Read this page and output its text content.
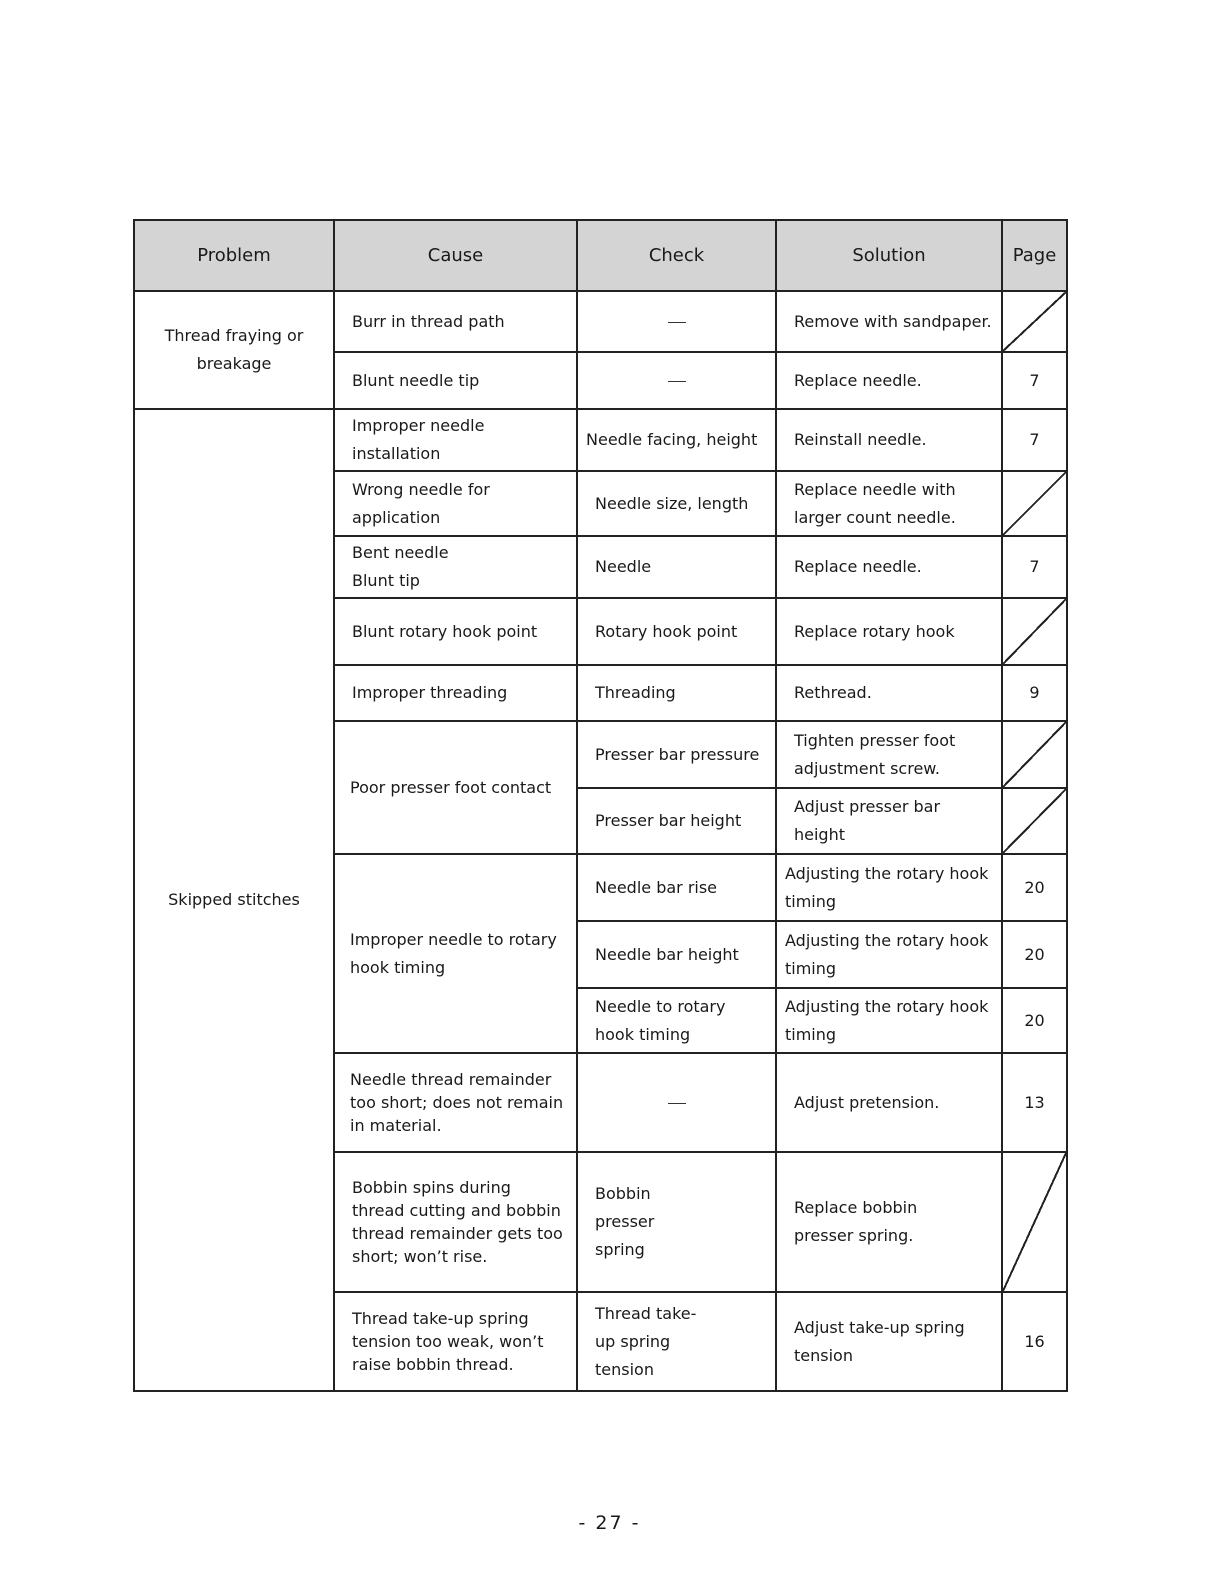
Problem	Cause	Check	Solution	Page
Thread fraying or breakage	Burr in thread path		Remove with sandpaper.	
	Blunt needle tip		Replace needle.	7
Skipped stitches	Improper needle installation	Needle facing, height	Reinstall needle.	7
	Wrong needle for application	Needle size, length	Replace needle with larger count needle.	
	Bent needle Blunt tip	Needle	Replace needle.	7
	Blunt rotary hook point	Rotary hook point	Replace rotary hook	
	Improper threading	Threading	Rethread.	9
	Poor presser foot contact	Presser bar pressure	Tighten presser foot adjustment screw.	
		Presser bar height	Adjust presser bar height	
	Improper needle to rotary hook timing	Needle bar rise	Adjusting the rotary hook timing	20
		Needle bar height	Adjusting the rotary hook timing	20
		Needle to rotary hook timing	Adjusting the rotary hook timing	20
	Needle thread remainder too short; does not remain in material.		Adjust pretension.	13
	Bobbin spins during thread cutting and bobbin thread remainder gets too short; won’t rise.	Bobbin presser spring	Replace bobbin presser spring.	
	Thread take-up spring tension too weak, won’t raise bobbin thread.	Thread take-up spring tension	Adjust take-up spring tension	16
- 27 -
